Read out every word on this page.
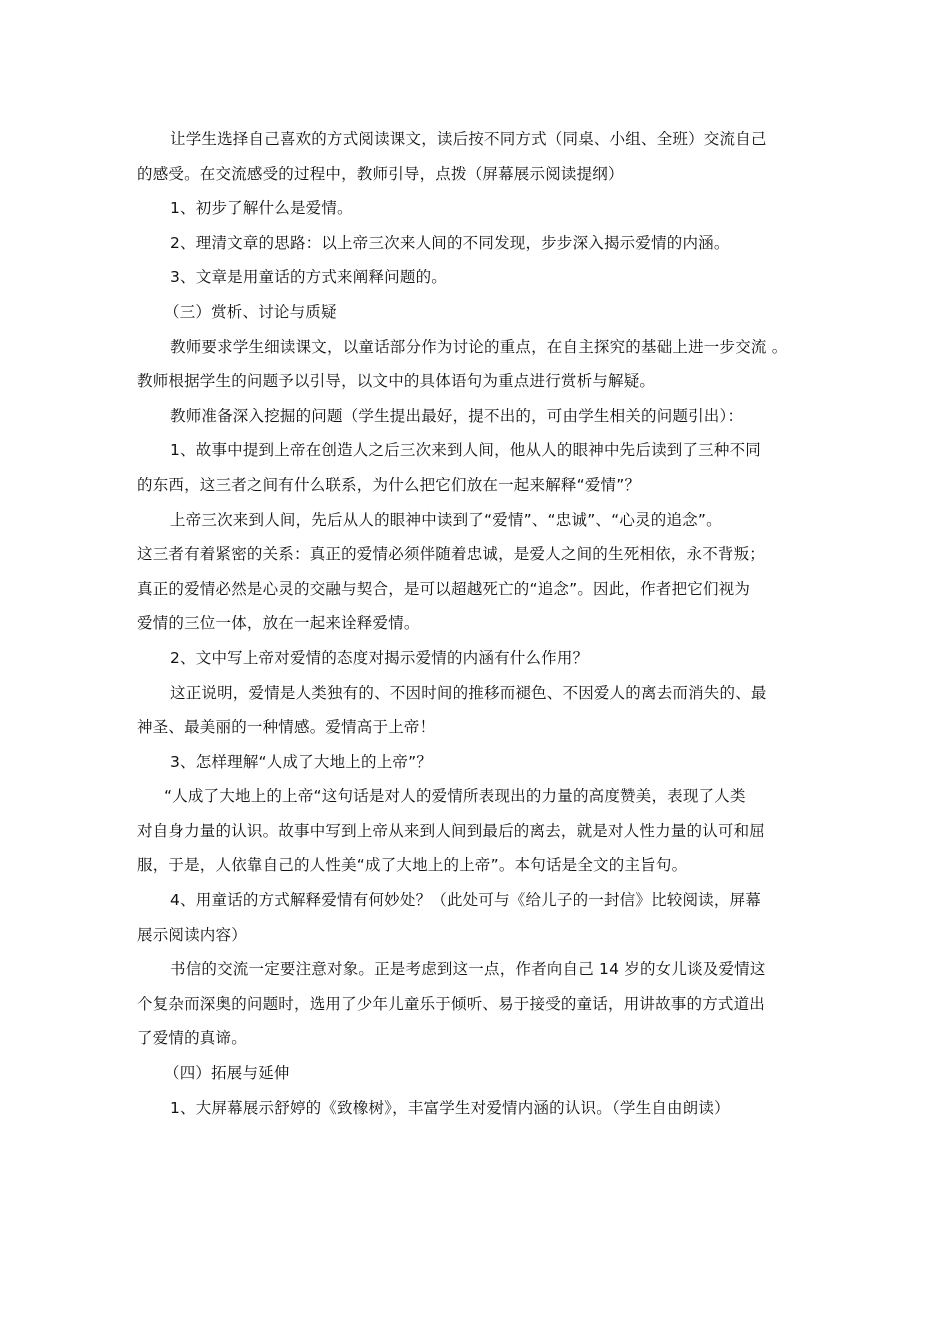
让学生选择自己喜欢的方式阅读课文，读后按不同方式（同桌、小组、全班）交流自己
的感受。在交流感受的过程中，教师引导，点拨（屏幕展示阅读提纲）
1、初步了解什么是爱情。
2、理清文章的思路：以上帝三次来人间的不同发现，步步深入揭示爱情的内涵。
3、文章是用童话的方式来阐释问题的。
（三）赏析、讨论与质疑
教师要求学生细读课文，以童话部分作为讨论的重点，在自主探究的基础上进一步交流 。
教师根据学生的问题予以引导，以文中的具体语句为重点进行赏析与解疑。
教师准备深入挖掘的问题（学生提出最好，提不出的，可由学生相关的问题引出）：
1、故事中提到上帝在创造人之后三次来到人间，他从人的眼神中先后读到了三种不同
的东西，这三者之间有什么联系，为什么把它们放在一起来解释“爱情”？
上帝三次来到人间，先后从人的眼神中读到了“爱情”、“忠诚”、“心灵的追念”。
这三者有着紧密的关系：真正的爱情必须伴随着忠诚，是爱人之间的生死相依，永不背叛；
真正的爱情必然是心灵的交融与契合，是可以超越死亡的“追念”。因此，作者把它们视为
爱情的三位一体，放在一起来诠释爱情。
2、文中写上帝对爱情的态度对揭示爱情的内涵有什么作用？
这正说明，爱情是人类独有的、不因时间的推移而褪色、不因爱人的离去而消失的、最
神圣、最美丽的一种情感。爱情高于上帝！
3、怎样理解“人成了大地上的上帝”？
“人成了大地上的上帝“这句话是对人的爱情所表现出的力量的高度赞美，表现了人类
对自身力量的认识。故事中写到上帝从来到人间到最后的离去，就是对人性力量的认可和屈
服，于是，人依靠自己的人性美“成了大地上的上帝”。本句话是全文的主旨句。
4、用童话的方式解释爱情有何妙处？（此处可与《给儿子的一封信》比较阅读，屏幕
展示阅读内容）
书信的交流一定要注意对象。正是考虑到这一点，作者向自己 14 岁的女儿谈及爱情这
个复杂而深奥的问题时，选用了少年儿童乐于倾听、易于接受的童话，用讲故事的方式道出
了爱情的真谛。
（四）拓展与延伸
1、大屏幕展示舒婷的《致橡树》，丰富学生对爱情内涵的认识。（学生自由朗读）
